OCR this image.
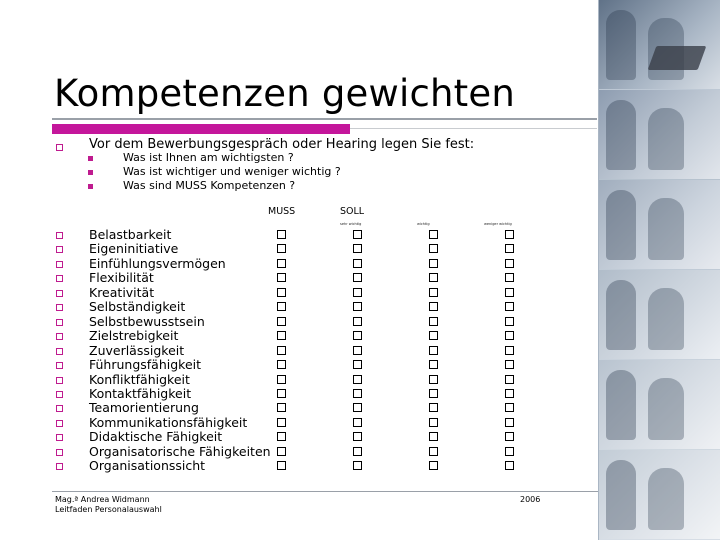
Kompetenzen gewichten
Vor dem Bewerbungsgespräch oder Hearing legen Sie fest:
Was ist Ihnen am wichtigsten ?
Was ist wichtiger und weniger wichtig ?
Was sind MUSS Kompetenzen ?
MUSS	SOLL
sehr wichtig	wichtig	weniger wichtig
Belastbarkeit
Eigeninitiative
Einfühlungsvermögen
Flexibilität
Kreativität
Selbständigkeit
Selbstbewusstsein
Zielstrebigkeit
Zuverlässigkeit
Führungsfähigkeit
Konfliktfähigkeit
Kontaktfähigkeit
Teamorientierung
Kommunikationsfähigkeit
Didaktische Fähigkeit
Organisatorische Fähigkeiten
Organisationssicht
Mag.ª Andrea Widmann
Leitfaden Personalauswahl
2006
